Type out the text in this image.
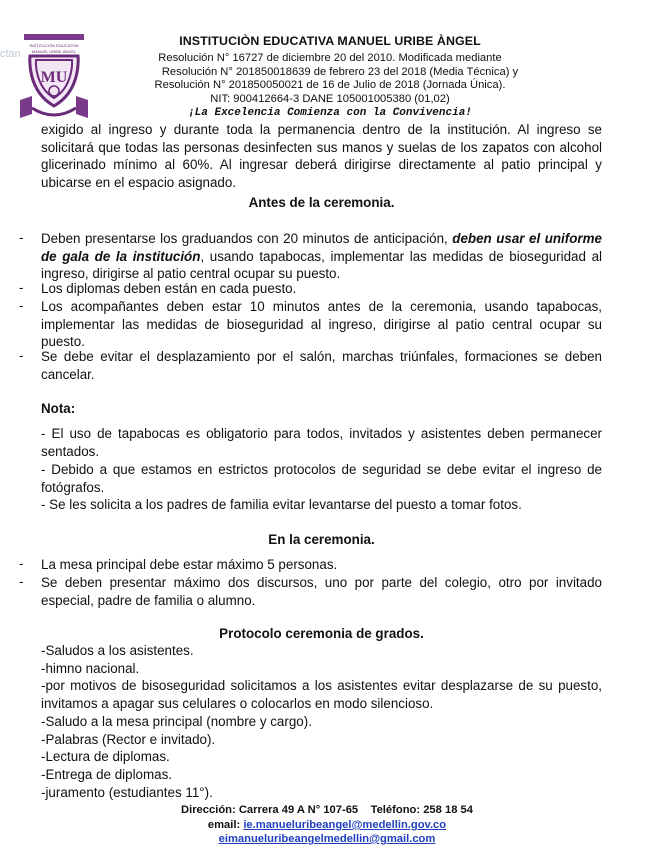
ctan
INSTITUCIÓN EDUCATIVA
MANUEL URIBE ÁNGEL
MU
INSTITUCIÒN EDUCATIVA MANUEL URIBE ÀNGEL
Resolución N° 16727 de diciembre 20 del 2010. Modificada mediante
Resolución N° 201850018639 de febrero 23 del 2018 (Media Técnica) y
Resolución N° 201850050021 de 16 de Julio de 2018 (Jornada Única).
NIT: 900412664-3 DANE 105001005380 (01,02)
¡La Excelencia Comienza con la Convivencia!
exigido al ingreso y durante toda la permanencia dentro de la institución. Al ingreso se solicitará que todas las personas desinfecten sus manos y suelas de los zapatos con alcohol glicerinado mínimo al 60%. Al ingresar deberá dirigirse directamente al patio principal y ubicarse en el espacio asignado.
Antes de la ceremonia.
- Deben presentarse los graduandos con 20 minutos de anticipación, deben usar el uniforme de gala de la institución, usando tapabocas, implementar las medidas de bioseguridad al ingreso, dirigirse al patio central ocupar su puesto.
- Los diplomas deben están en cada puesto.
- Los acompañantes deben estar 10 minutos antes de la ceremonia, usando tapabocas, implementar las medidas de bioseguridad al ingreso, dirigirse al patio central ocupar su puesto.
- Se debe evitar el desplazamiento por el salón, marchas triúnfales, formaciones se deben cancelar.
Nota:
- El uso de tapabocas es obligatorio para todos, invitados y asistentes deben permanecer sentados.
- Debido a que estamos en estrictos protocolos de seguridad se debe evitar el ingreso de fotógrafos.
- Se les solicita a los padres de familia evitar levantarse del puesto a tomar fotos.
En la ceremonia.
- La mesa principal debe estar máximo 5 personas.
- Se deben presentar máximo dos discursos, uno por parte del colegio, otro por invitado especial, padre de familia o alumno.
Protocolo ceremonia de grados.
-Saludos a los asistentes.
-himno nacional.
-por motivos de bisoseguridad solicitamos a los asistentes evitar desplazarse de su puesto, invitamos a apagar sus celulares o colocarlos en modo silencioso.
-Saludo a la mesa principal (nombre y cargo).
-Palabras (Rector e invitado).
-Lectura de diplomas.
-Entrega de diplomas.
-juramento (estudiantes 11°).
Dirección: Carrera 49 A N° 107-65    Teléfono: 258 18 54
email: ie.manueluribeangel@medellin.gov.co
eimanueluribeangelmedellin@gmail.com
